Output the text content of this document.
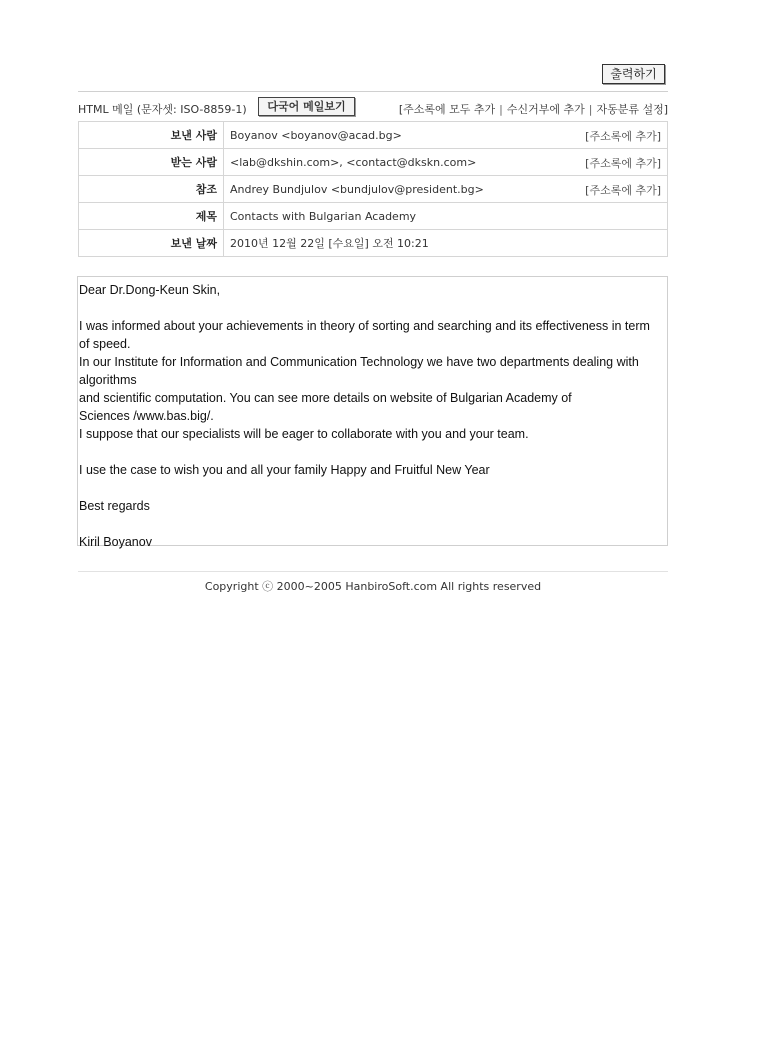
출력하기
HTML 메일 (문자셋: ISO-8859-1)	다국어 메일보기	[주소록에 모두 추가 | 수신거부에 추가 | 자동분류 설정]
보낸 사람	Boyanov <boyanov@acad.bg> [주소록에 추가]

받는 사람	<lab@dkshin.com>, <contact@dkskn.com> [주소록에 추가]

참조	Andrey Bundjulov <bundjulov@president.bg> [주소록에 추가]

제목	Contacts with Bulgarian Academy
보낸 날짜	2010년 12월 22일 [수요일] 오전 10:21

Dear Dr.Dong-Keun Skin,

I was informed about your achievements in theory of sorting and searching and its effectiveness in term

of speed.

In our Institute for Information and Communication Technology we have two departments dealing with

algorithms

and scientific computation. You can see more details on website of Bulgarian Academy of

Sciences /www.bas.big/.

I suppose that our specialists will be eager to collaborate with you and your team.

I use the case to wish you and all your family Happy and Fruitful New Year

Best regards

Kiril Boyanov

Copyright ⓒ 2000~2005 HanbiroSoft.com All rights reserved
